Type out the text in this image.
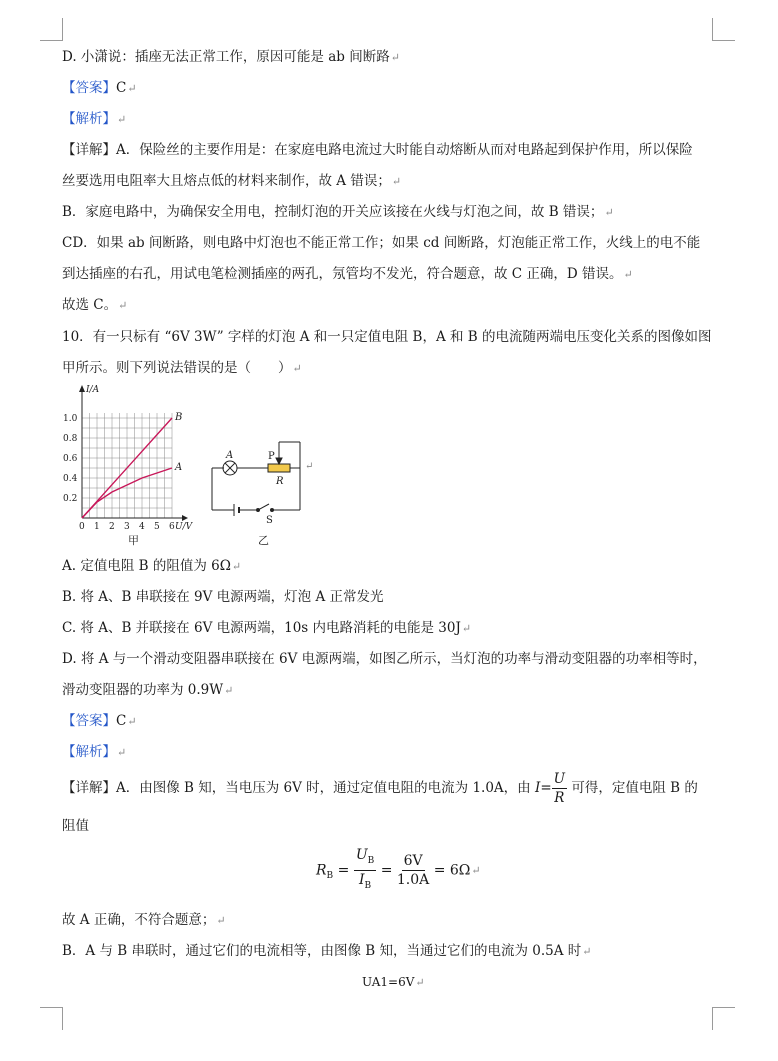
D. 小潇说：插座无法正常工作，原因可能是 ab 间断路↵
【答案】C↵
【解析】↵
【详解】A．保险丝的主要作用是：在家庭电路电流过大时能自动熔断从而对电路起到保护作用，所以保险
丝要选用电阻率大且熔点低的材料来制作，故 A 错误；↵
B．家庭电路中，为确保安全用电，控制灯泡的开关应该接在火线与灯泡之间，故 B 错误；↵
CD．如果 ab 间断路，则电路中灯泡也不能正常工作；如果 cd 间断路，灯泡能正常工作，火线上的电不能
到达插座的右孔，用试电笔检测插座的两孔，氖管均不发光，符合题意，故 C 正确，D 错误。↵
故选 C。↵
10．有一只标有 “6V 3W” 字样的灯泡 A 和一只定值电阻 B，A 和 B 的电流随两端电压变化关系的图像如图
甲所示。则下列说法错误的是（　　）↵
1.0
0.8
0.6
0.4
0.2
0 1 2 3 4 5 6
I/A
U/V
B
A
A	P
R
S
乙
甲
↵
A. 定值电阻 B 的阻值为 6Ω↵
B. 将 A、B 串联接在 9V 电源两端，灯泡 A 正常发光
C. 将 A、B 并联接在 6V 电源两端，10s 内电路消耗的电能是 30J↵
D. 将 A 与一个滑动变阻器串联接在 6V 电源两端，如图乙所示，当灯泡的功率与滑动变阻器的功率相等时，
滑动变阻器的功率为 0.9W↵
【答案】C↵
【解析】↵
【详解】A．由图像 B 知，当电压为 6V 时，通过定值电阻的电流为 1.0A，由 $I= \frac{U}{R}$ 可得，定值电阻 B 的
阻值
$R_B = \frac{U_B}{I_B} = \frac{6V}{1.0A}$ = 6Ω↵
故 A 正确，不符合题意；↵
B．A 与 B 串联时，通过它们的电流相等，由图像 B 知，当通过它们的电流为 0.5A 时↵
UA1=6V↵
